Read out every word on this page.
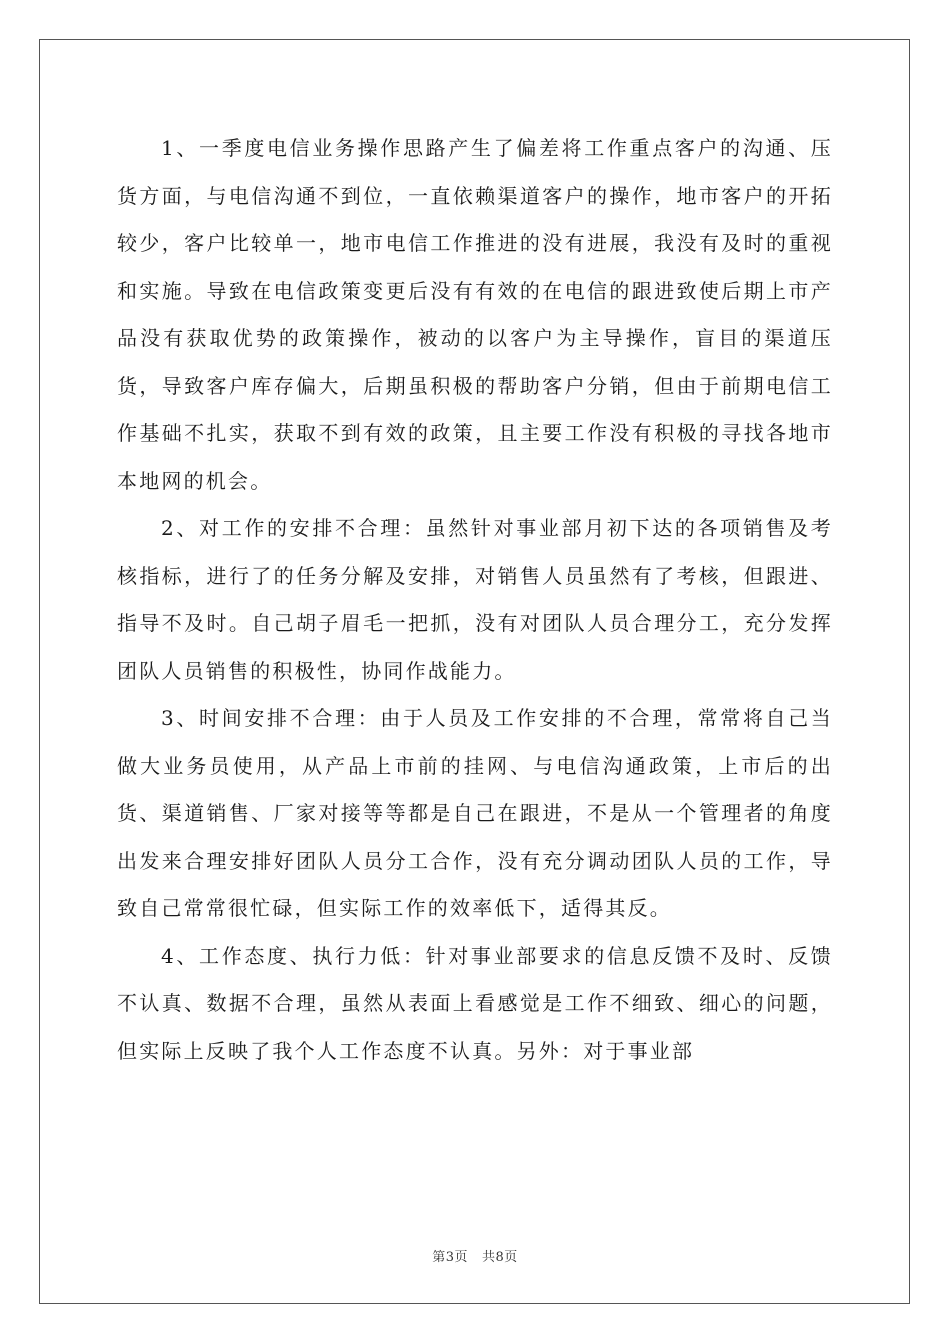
1、一季度电信业务操作思路产生了偏差将工作重点客户的沟通、压货方面，与电信沟通不到位，一直依赖渠道客户的操作，地市客户的开拓较少，客户比较单一，地市电信工作推进的没有进展，我没有及时的重视和实施。导致在电信政策变更后没有有效的在电信的跟进致使后期上市产品没有获取优势的政策操作，被动的以客户为主导操作，盲目的渠道压货，导致客户库存偏大，后期虽积极的帮助客户分销，但由于前期电信工作基础不扎实，获取不到有效的政策，且主要工作没有积极的寻找各地市本地网的机会。

2、对工作的安排不合理：虽然针对事业部月初下达的各项销售及考核指标，进行了的任务分解及安排，对销售人员虽然有了考核，但跟进、指导不及时。自己胡子眉毛一把抓，没有对团队人员合理分工，充分发挥团队人员销售的积极性，协同作战能力。

3、时间安排不合理：由于人员及工作安排的不合理，常常将自己当做大业务员使用，从产品上市前的挂网、与电信沟通政策，上市后的出货、渠道销售、厂家对接等等都是自己在跟进，不是从一个管理者的角度出发来合理安排好团队人员分工合作，没有充分调动团队人员的工作，导致自己常常很忙碌，但实际工作的效率低下，适得其反。

4、工作态度、执行力低：针对事业部要求的信息反馈不及时、反馈不认真、数据不合理，虽然从表面上看感觉是工作不细致、细心的问题，但实际上反映了我个人工作态度不认真。另外：对于事业部

第3页 共8页
